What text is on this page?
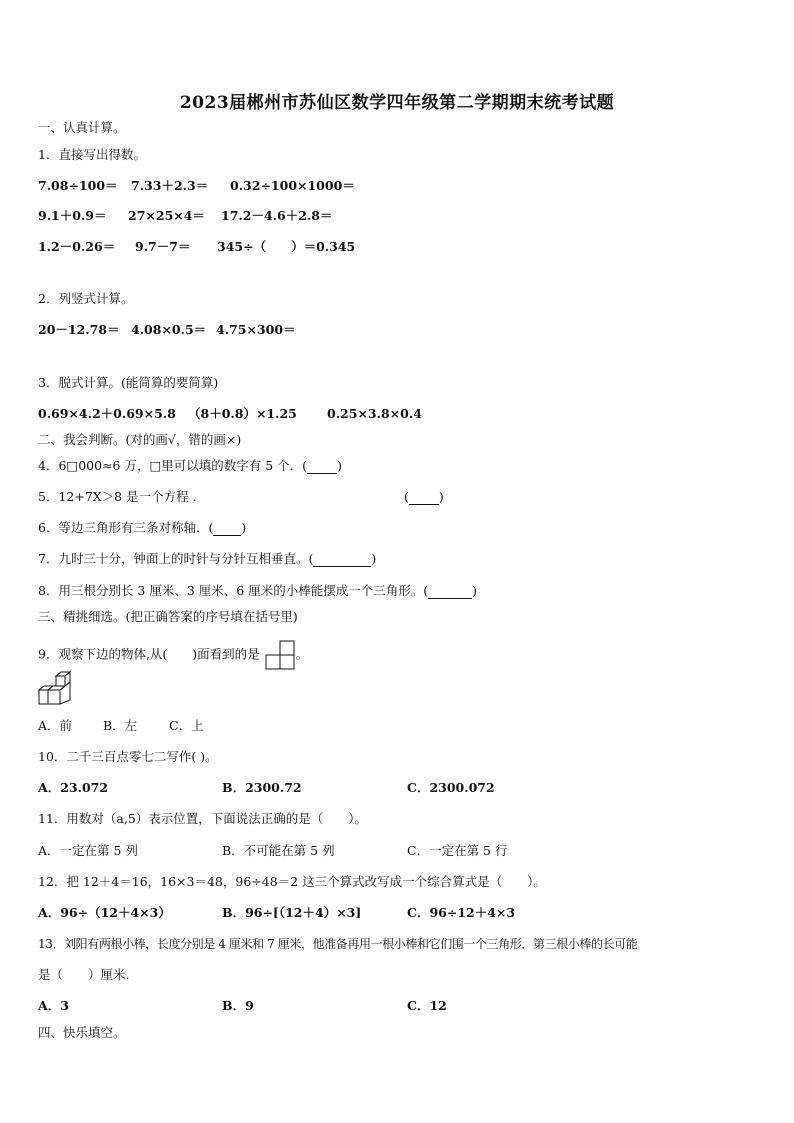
2023届郴州市苏仙区数学四年级第二学期期末统考试题
一、认真计算。
1．直接写出得数。
7.08÷100＝ 7.33＋2.3＝ 0.32÷100×1000＝
9.1＋0.9＝ 27×25×4＝ 17.2－4.6＋2.8＝
1.2－0.26＝ 9.7－7＝ 345÷（　　）＝0.345
2．列竖式计算。
20－12.78＝ 4.08×0.5＝ 4.75×300＝
3．脱式计算。(能简算的要简算)
0.69×4.2＋0.69×5.8 （8＋0.8）×1.25 0.25×3.8×0.4
二、我会判断。(对的画√，错的画×)
4．6□000≈6 万，□里可以填的数字有 5 个．( )
5．12+7X＞8 是一个方程 ．	( )
6．等边三角形有三条对称轴．( )
7．九时三十分，钟面上的时针与分针互相垂直。(	)
8．用三根分别长 3 厘米、3 厘米、6 厘米的小棒能摆成一个三角形。(	)
三、精挑细选。(把正确答案的序号填在括号里)
9．观察下边的物体,从(　　)面看到的是	。
A．前 B．左	C．上
10．二千三百点零七二写作( )。
A．23.072	B．2300.72	C．2300.072
11．用数对（a,5）表示位置，下面说法正确的是（　　）。
A．一定在第 5 列	B．不可能在第 5 列	C．一定在第 5 行
12．把 12＋4＝16，16×3＝48，96÷48＝2 这三个算式改写成一个综合算式是（　　）。
A．96÷（12＋4×3）	B．96÷[（12＋4）×3]	C．96÷12＋4×3
13．刘阳有两根小棒，长度分别是 4 厘米和 7 厘米，他准备再用一根小棒和它们围一个三角形．第三根小棒的长可能
是（　　）厘米.
A．3	B．9	C．12
四、快乐填空。
